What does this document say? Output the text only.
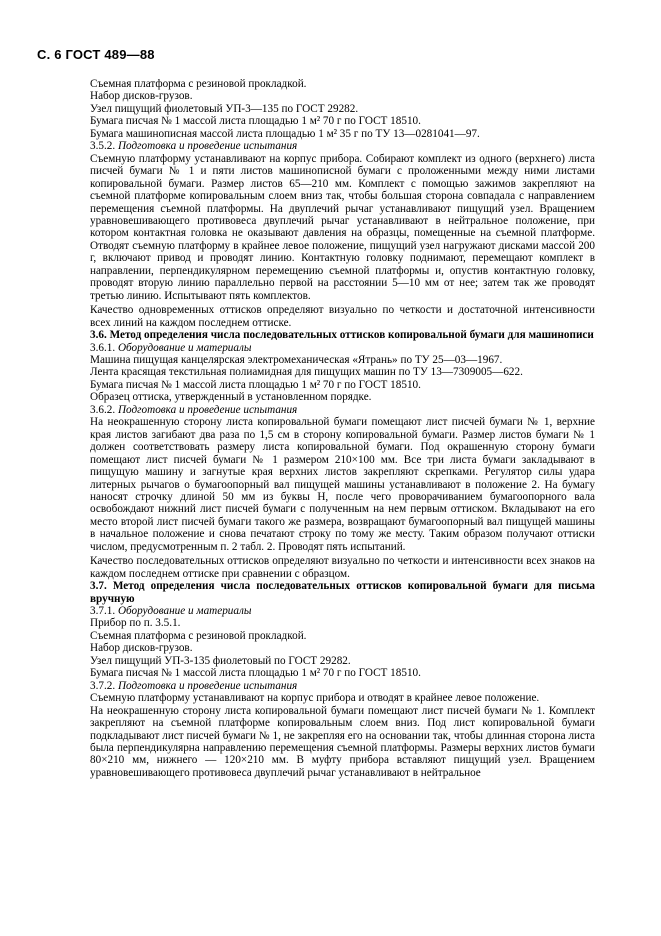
С. 6 ГОСТ 489—88

Съемная платформа с резиновой прокладкой.

Набор дисков-грузов.

Узел пищущий фиолетовый УП-3—135 по ГОСТ 29282.

Бумага писчая № 1 массой листа площадью 1 м² 70 г по ГОСТ 18510.

Бумага машинописная массой листа площадью 1 м² 35 г по ТУ 13—0281041—97.

3.5.2. Подготовка и проведение испытания

Съемную платформу устанавливают на корпус прибора. Собирают комплект из одного (верхнего) листа писчей бумаги № 1 и пяти листов машинописной бумаги с проложенными между ними листами копировальной бумаги. Размер листов 65—210 мм. Комплект с помощью зажимов закрепляют на съемной платформе копировальным слоем вниз так, чтобы большая сторона совпадала с направлением перемещения съемной платформы. На двуплечий рычаг устанавливают пищущий узел. Вращением уравновешивающего противовеса двуплечий рычаг устанавливают в нейтральное положение, при котором контактная головка не оказывают давления на образцы, помещенные на съемной платформе. Отводят съемную платформу в крайнее левое положение, пищущий узел нагружают дисками массой 200 г, включают привод и проводят линию. Контактную головку поднимают, перемещают комплект в направлении, перпендикулярном перемещению съемной платформы и, опустив контактную головку, проводят вторую линию параллельно первой на расстоянии 5—10 мм от нее; затем так же проводят третью линию. Испытывают пять комплектов.

Качество одновременных оттисков определяют визуально по четкости и достаточной интенсивности всех линий на каждом последнем оттиске.

3.6. Метод определения числа последовательных оттисков копировальной бумаги для машинописи

3.6.1. Оборудование и материалы

Машина пищущая канцелярская электромеханическая «Ятрань» по ТУ 25—03—1967.

Лента красящая текстильная полиамидная для пищущих машин по ТУ 13—7309005—622.

Бумага писчая № 1 массой листа площадью 1 м² 70 г по ГОСТ 18510.

Образец оттиска, утвержденный в установленном порядке.

3.6.2. Подготовка и проведение испытания

На неокрашенную сторону листа копировальной бумаги помещают лист писчей бумаги № 1, верхние края листов загибают два раза по 1,5 см в сторону копировальной бумаги. Размер листов бумаги № 1 должен соответствовать размеру листа копировальной бумаги. Под окрашенную сторону бумаги помещают лист писчей бумаги № 1 размером 210×100 мм. Все три листа бумаги закладывают в пищущую машину и загнутые края верхних листов закрепляют скрепками. Регулятор силы удара литерных рычагов о бумагоопорный вал пищущей машины устанавливают в положение 2. На бумагу наносят строчку длиной 50 мм из буквы Н, после чего проворачиванием бумагоопорного вала освобождают нижний лист писчей бумаги с полученным на нем первым оттиском. Вкладывают на его место второй лист писчей бумаги такого же размера, возвращают бумагоопорный вал пищущей машины в начальное положение и снова печатают строку по тому же месту. Таким образом получают оттиски числом, предусмотренным п. 2 табл. 2. Проводят пять испытаний.

Качество последовательных оттисков определяют визуально по четкости и интенсивности всех знаков на каждом последнем оттиске при сравнении с образцом.

3.7. Метод определения числа последовательных оттисков копировальной бумаги для письма вручную

3.7.1. Оборудование и материалы

Прибор по п. 3.5.1.

Съемная платформа с резиновой прокладкой.

Набор дисков-грузов.

Узел пищущий УП-3-135 фиолетовый по ГОСТ 29282.

Бумага писчая № 1 массой листа площадью 1 м² 70 г по ГОСТ 18510.

3.7.2. Подготовка и проведение испытания

Съемную платформу устанавливают на корпус прибора и отводят в крайнее левое положение.

На неокрашенную сторону листа копировальной бумаги помещают лист писчей бумаги № 1. Комплект закрепляют на съемной платформе копировальным слоем вниз. Под лист копировальной бумаги подкладывают лист писчей бумаги № 1, не закрепляя его на основании так, чтобы длинная сторона листа была перпендикулярна направлению перемещения съемной платформы. Размеры верхних листов бумаги 80×210 мм, нижнего — 120×210 мм. В муфту прибора вставляют пищущий узел. Вращением уравновешивающего противовеса двуплечий рычаг устанавливают в нейтральное
